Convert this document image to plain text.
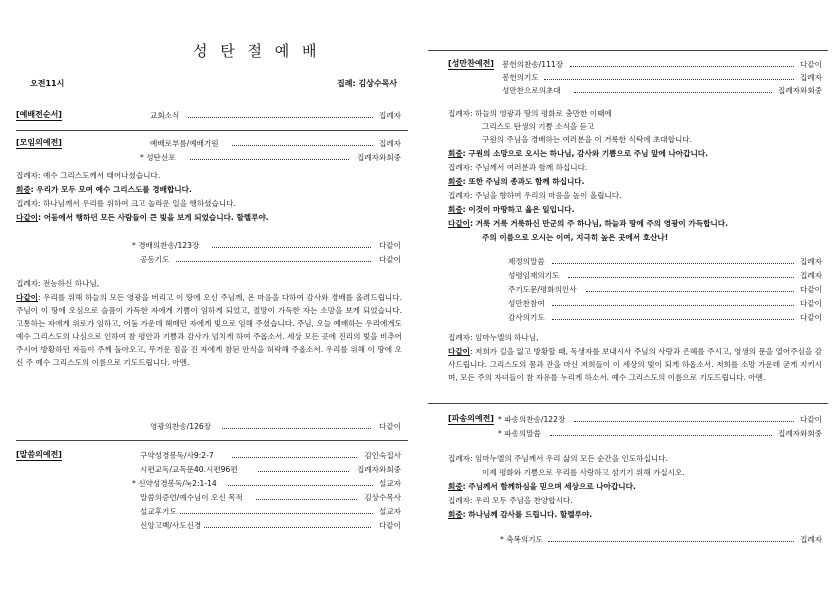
성 탄 절 예 배
오전11시	집례: 김상수목사
[예배전순서]	교회소식	집례자
[모임의예전]	예배로부름/예배기원	집례자
* 성탄선포	집례자와회중
집례자: 예수 그리스도께서 태어나셨습니다.
회중: 우리가 모두 모여 예수 그리스도를 경배합니다.
집례자: 하나님께서 우리를 위하여 크고 놀라운 일을 행하셨습니다.
다같이: 어둠에서 행하던 모든 사람들이 큰 빛을 보게 되었습니다. 할렐루야.
* 경배의찬송/123장	다같이
공동기도	다같이
집례자: 전능하신 하나님,
다같이: 우리를 위해 하늘의 모든 영광을 버리고 이 땅에 오신 주님께, 온 마음을 다하여 감사와 경배를 올려드립니다. 주님이 이 땅에 오심으로 슬픔이 가득한 자에게 기쁨이 임하게 되었고, 절망이 가득한 자는 소망을 보게 되었습니다. 고통하는 자에게 위로가 임하고, 어둠 가운데 헤매던 자에게 빛으로 임해 주셨습니다. 주님, 오늘 예배하는 우리에게도 예수 그리스도의 나심으로 인하여 참 평안과 기쁨과 감사가 넘치게 하여 주옵소서. 세상 모든 곳에 진리의 빛을 비추어 주시어 방황하던 자들이 주께 돌아오고, 무거운 짐을 진 자에게 참된 안식을 허락해 주옵소서. 우리를 위해 이 땅에 오신 주 예수 그리스도의 이름으로 기도드립니다. 아멘.
영광의찬송/126장	다같이
[말씀의예전]	구약성경봉독/사9:2-7	김인숙집사
시편교독/교독문40.시편96편	집례자와회중
* 신약성경봉독/눅2:1-14	설교자
말씀의증언/예수님이 오신 목적	김상수목사
설교후기도	설교자
신앙고백/사도신경	다같이
[성만찬예전] 봉헌의찬송/111장	다같이
봉헌의기도	집례자
성만찬으로의초대	집례자와회중
집례자: 하늘의 영광과 땅의 평화로 충만한 이때에
그리스도 탄생의 기쁨 소식을 듣고
구원의 주님을 경배하는 여러분을 이 거룩한 식탁에 초대합니다.
회중: 구원의 소망으로 오시는 하나님, 감사와 기쁨으로 주님 앞에 나아갑니다.
집례자: 주님께서 여러분과 함께 하십니다.
회중: 또한 주님의 종과도 함께 하십니다.
집례자: 주님을 향하여 우리의 마음을 높이 올립니다.
회중: 이것이 마땅하고 옳은 일입니다.
다같이: 거룩 거룩 거룩하신 만군의 주 하나님, 하늘과 땅에 주의 영광이 가득합니다.
주의 이름으로 오시는 이여, 지극히 높은 곳에서 호산나!
제정의말씀	집례자
성령임재의기도	집례자
주기도문/평화의인사	다같이
성만찬참여	다같이
감사의기도	다같이
집례자: 임마누엘의 하나님,
다같이: 저희가 길을 잃고 방황할 때, 독생자를 보내시사 주님의 사랑과 은혜를 주시고, 영생의 문을 열어주심을 감사드립니다. 그리스도의 몸과 잔을 마신 저희들이 이 세상의 빛이 되게 하옵소서. 저희를 소망 가운데 굳게 지키시며, 모든 주의 자녀들이 참 자유를 누리게 하소서. 예수 그리스도의 이름으로 기도드립니다. 아멘.
[파송의예전] * 파송의찬송/122장	다같이
* 파송의말씀	집례자와회중
집례자: 임마누엘의 주님께서 우리 삶의 모든 순간을 인도하십니다.
이제 평화와 기쁨으로 우리를 사랑하고 섬기기 위해 가십시오.
회중: 주님께서 함께하심을 믿으며 세상으로 나아갑니다.
집례자: 우리 모두 주님을 찬양합시다.
회중: 하나님께 감사를 드립니다. 할렐루야.
* 축복의기도	집례자
